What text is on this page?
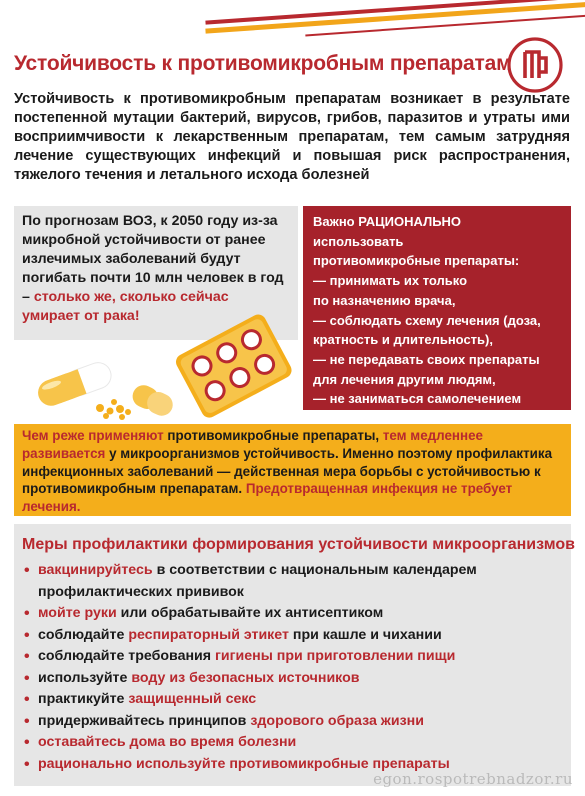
Устойчивость к противомикробным препаратам

Устойчивость к противомикробным препаратам возникает в результате постепенной мутации бактерий, вирусов, грибов, паразитов и утраты ими восприимчивости к лекарственным препаратам, тем самым затрудняя лечение существующих инфекций и повышая риск распространения, тяжелого течения и летального исхода болезней

По прогнозам ВОЗ, к 2050 году из-за микробной устойчивости от ранее излечимых заболеваний будут погибать почти 10 млн человек в год – столько же, сколько сейчас умирает от рака!
Важно РАЦИОНАЛЬНО
использовать
противомикробные препараты:
— принимать их только
по назначению врача,
— соблюдать схему лечения (доза,
кратность и длительность),
— не передавать своих препараты
для лечения другим людям,
— не заниматься самолечением
Чем реже применяют противомикробные препараты, тем медленнее развивается у микроорганизмов устойчивость. Именно поэтому профилактика инфекционных заболеваний — действенная мера борьбы с устойчивостью к противомикробным препаратам. Предотвращенная инфекция не требует лечения.
Меры профилактики формирования устойчивости микроорганизмов
• вакцинируйтесь в соответствии с национальным календарем профилактических прививок
• мойте руки или обрабатывайте их антисептиком
• соблюдайте респираторный этикет при кашле и чихании
• соблюдайте требования гигиены при приготовлении пищи
• используйте воду из безопасных источников
• практикуйте защищенный секс
• придерживайтесь принципов здорового образа жизни
• оставайтесь дома во время болезни
• рационально используйте противомикробные препараты
egon.rospotrebnadzor.ru
